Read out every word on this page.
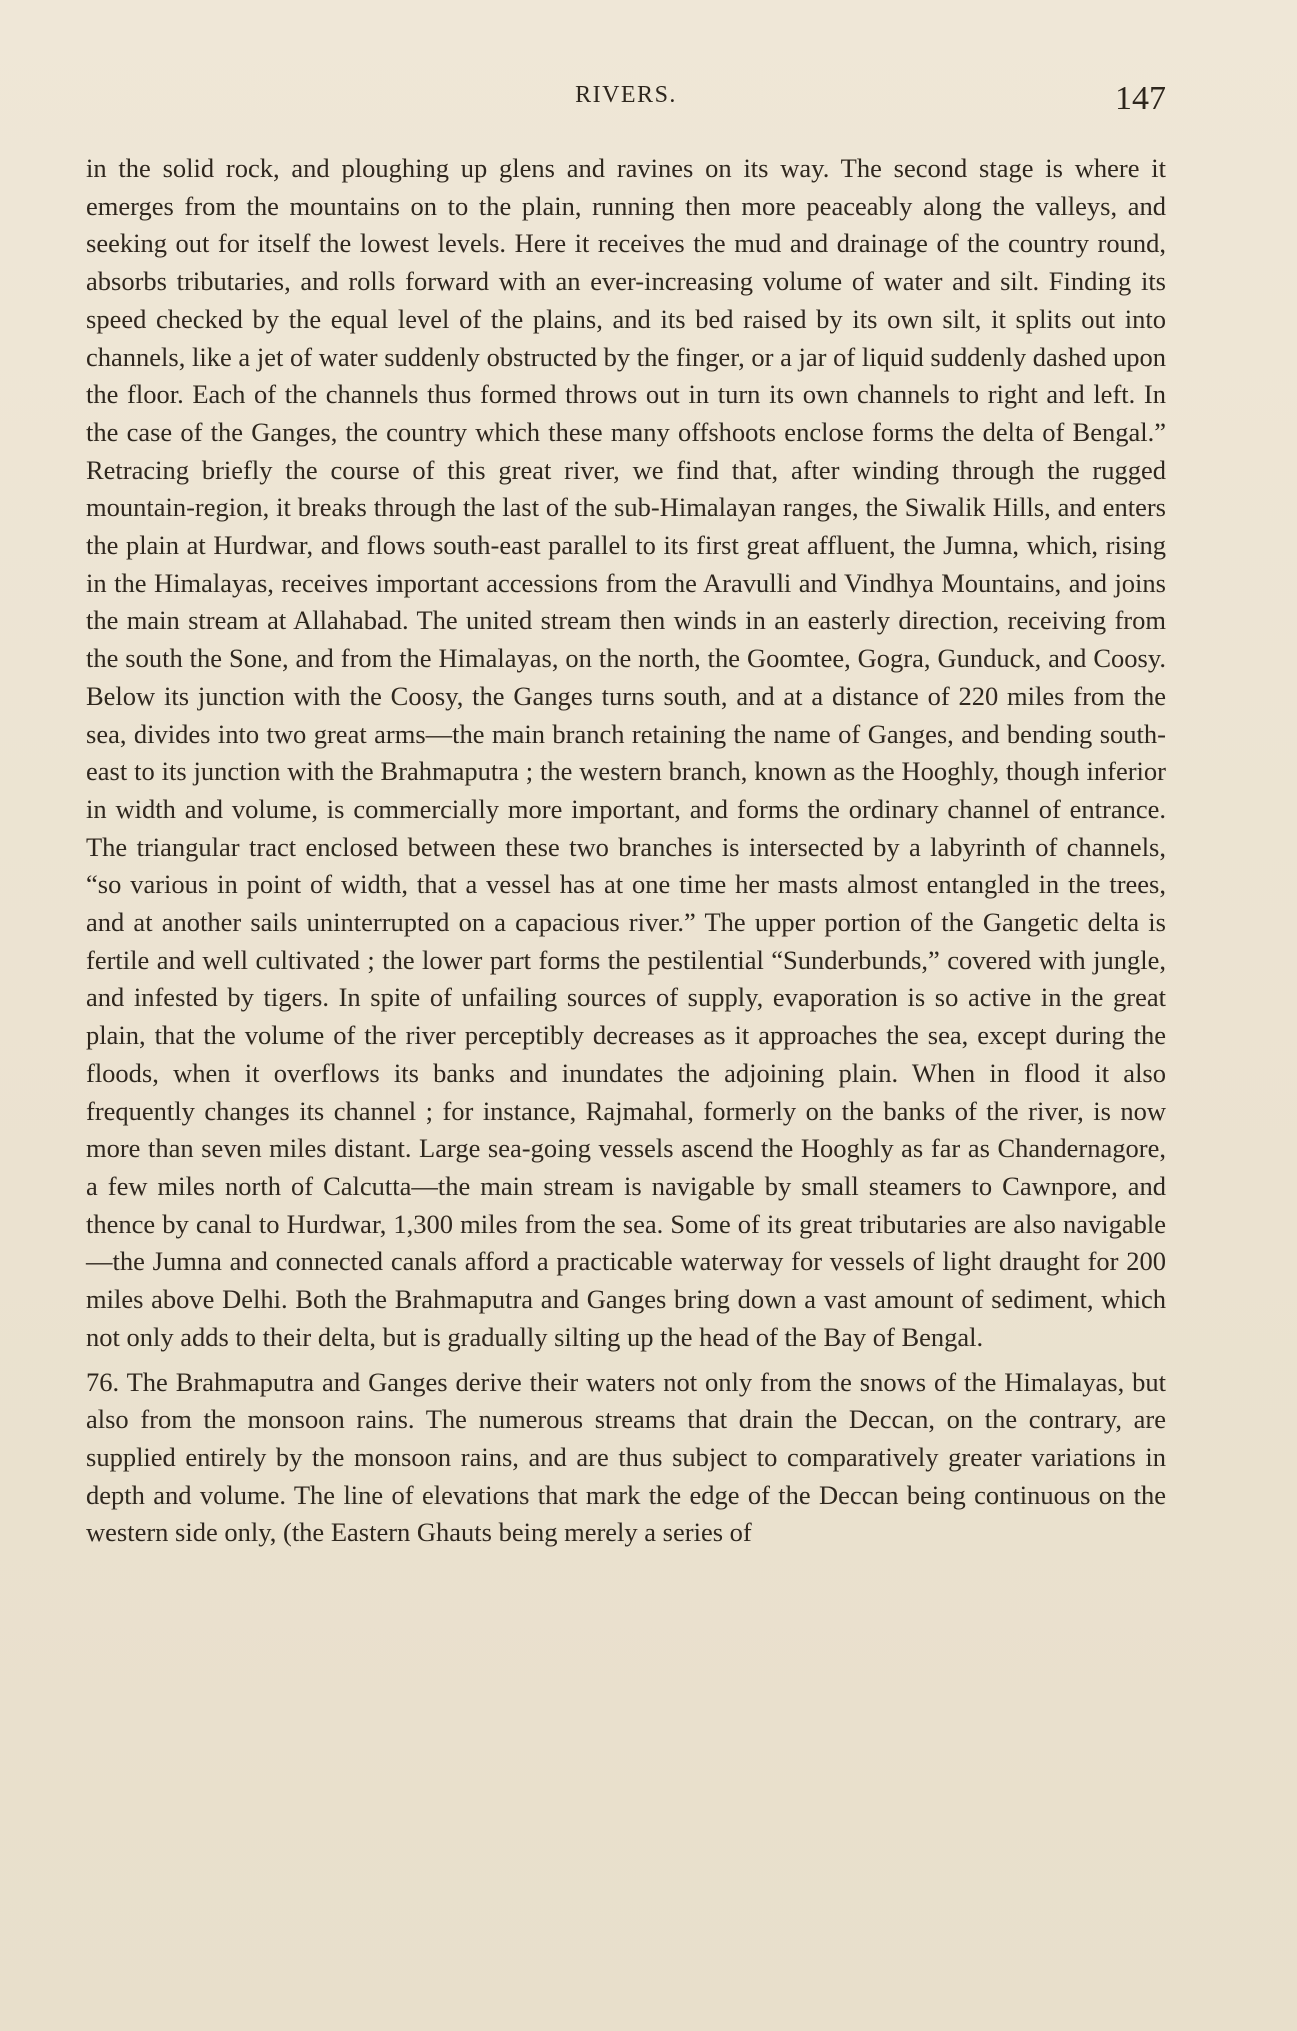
RIVERS.	147

in the solid rock, and ploughing up glens and ravines on its way. The second stage is where it emerges from the mountains on to the plain, running then more peaceably along the valleys, and seeking out for itself the lowest levels. Here it receives the mud and drainage of the country round, absorbs tributaries, and rolls forward with an ever-increasing volume of water and silt. Finding its speed checked by the equal level of the plains, and its bed raised by its own silt, it splits out into channels, like a jet of water suddenly obstructed by the finger, or a jar of liquid suddenly dashed upon the floor. Each of the channels thus formed throws out in turn its own channels to right and left. In the case of the Ganges, the country which these many offshoots enclose forms the delta of Bengal.” Retracing briefly the course of this great river, we find that, after winding through the rugged mountain-region, it breaks through the last of the sub-Himalayan ranges, the Siwalik Hills, and enters the plain at Hurdwar, and flows south-east parallel to its first great affluent, the Jumna, which, rising in the Himalayas, receives important accessions from the Aravulli and Vindhya Mountains, and joins the main stream at Allahabad. The united stream then winds in an easterly direction, receiving from the south the Sone, and from the Himalayas, on the north, the Goomtee, Gogra, Gunduck, and Coosy. Below its junction with the Coosy, the Ganges turns south, and at a distance of 220 miles from the sea, divides into two great arms—the main branch retaining the name of Ganges, and bending south-east to its junction with the Brahmaputra ; the western branch, known as the Hooghly, though inferior in width and volume, is commercially more important, and forms the ordinary channel of entrance. The triangular tract enclosed between these two branches is intersected by a labyrinth of channels, “so various in point of width, that a vessel has at one time her masts almost entangled in the trees, and at another sails uninterrupted on a capacious river.” The upper portion of the Gangetic delta is fertile and well cultivated ; the lower part forms the pestilential “Sunderbunds,” covered with jungle, and infested by tigers. In spite of unfailing sources of supply, evaporation is so active in the great plain, that the volume of the river perceptibly decreases as it approaches the sea, except during the floods, when it overflows its banks and inundates the adjoining plain. When in flood it also frequently changes its channel ; for instance, Rajmahal, formerly on the banks of the river, is now more than seven miles distant. Large sea-going vessels ascend the Hooghly as far as Chandernagore, a few miles north of Calcutta—the main stream is navigable by small steamers to Cawnpore, and thence by canal to Hurdwar, 1,300 miles from the sea. Some of its great tributaries are also navigable—the Jumna and connected canals afford a practicable waterway for vessels of light draught for 200 miles above Delhi. Both the Brahmaputra and Ganges bring down a vast amount of sediment, which not only adds to their delta, but is gradually silting up the head of the Bay of Bengal.

76. The Brahmaputra and Ganges derive their waters not only from the snows of the Himalayas, but also from the monsoon rains. The numerous streams that drain the Deccan, on the contrary, are supplied entirely by the monsoon rains, and are thus subject to comparatively greater variations in depth and volume. The line of elevations that mark the edge of the Deccan being continuous on the western side only, (the Eastern Ghauts being merely a series of
